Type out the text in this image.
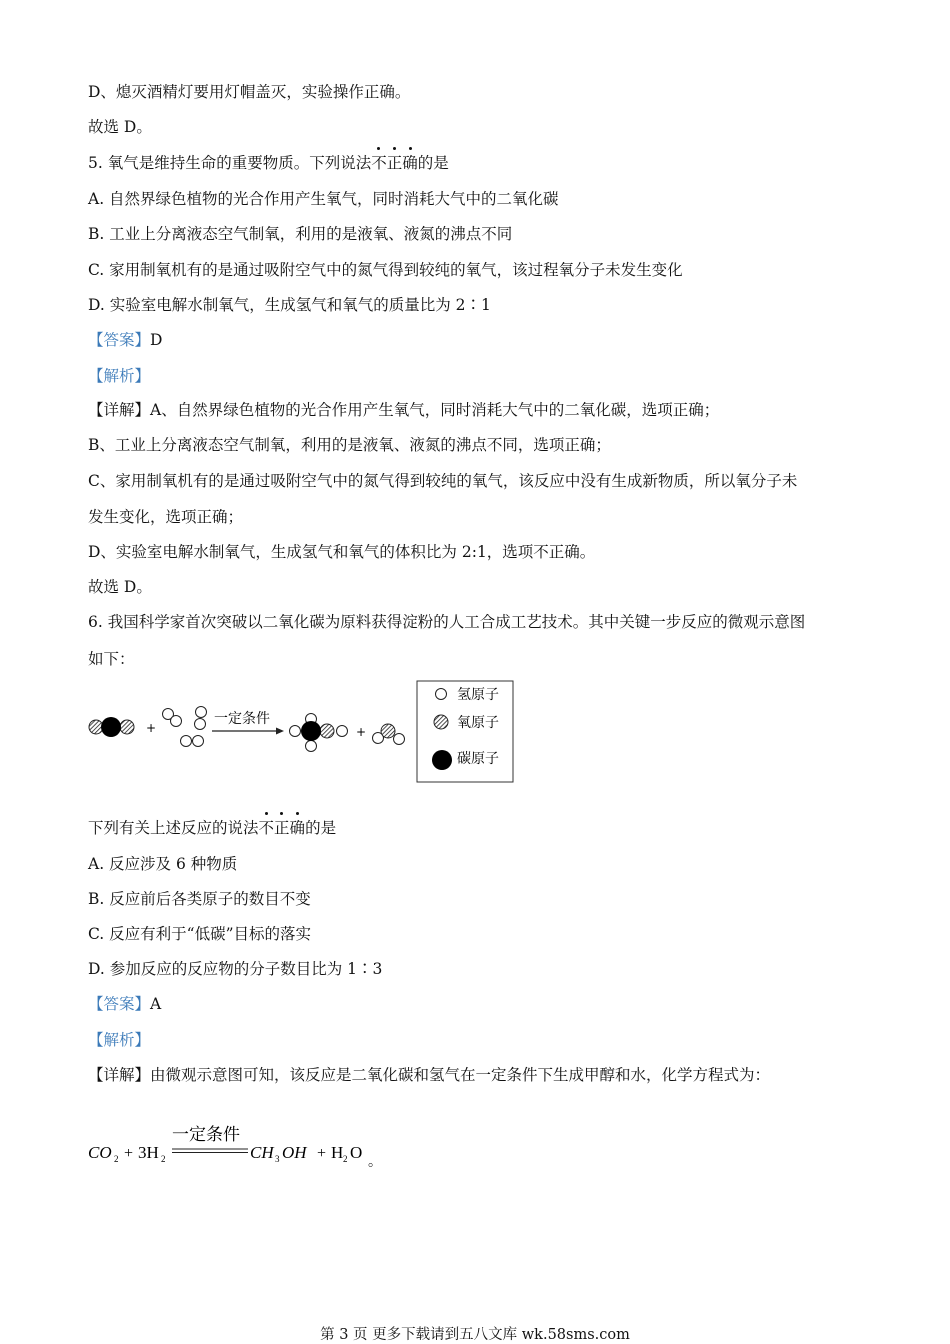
D、熄灭酒精灯要用灯帽盖灭，实验操作正确。
故选 D。
5. 氧气是维持生命的重要物质。下列说法不正确的是
A. 自然界绿色植物的光合作用产生氧气，同时消耗大气中的二氧化碳
B. 工业上分离液态空气制氧，利用的是液氧、液氮的沸点不同
C. 家用制氧机有的是通过吸附空气中的氮气得到较纯的氧气，该过程氧分子未发生变化
D. 实验室电解水制氧气，生成氢气和氧气的质量比为 2∶1
【答案】D
【解析】
【详解】A、自然界绿色植物的光合作用产生氧气，同时消耗大气中的二氧化碳，选项正确；
B、工业上分离液态空气制氧，利用的是液氧、液氮的沸点不同，选项正确；
C、家用制氧机有的是通过吸附空气中的氮气得到较纯的氧气，该反应中没有生成新物质，所以氧分子未
发生变化，选项正确；
D、实验室电解水制氧气，生成氢气和氧气的体积比为 2:1，选项不正确。
故选 D。
6. 我国科学家首次突破以二氧化碳为原料获得淀粉的人工合成工艺技术。其中关键一步反应的微观示意图
如下：
+
一定条件
+
氢原子
氧原子
碳原子
下列有关上述反应的说法不正确的是
A. 反应涉及 6 种物质
B. 反应前后各类原子的数目不变
C. 反应有利于“低碳”目标的落实
D. 参加反应的反应物的分子数目比为 1∶3
【答案】A
【解析】
【详解】由微观示意图可知，该反应是二氧化碳和氢气在一定条件下生成甲醇和水，化学方程式为：
CO 2 + 3H 2
一定条件
CH 3 OH + H 2 O 。
第 3 页 更多下载请到五八文库 wk.58sms.com
